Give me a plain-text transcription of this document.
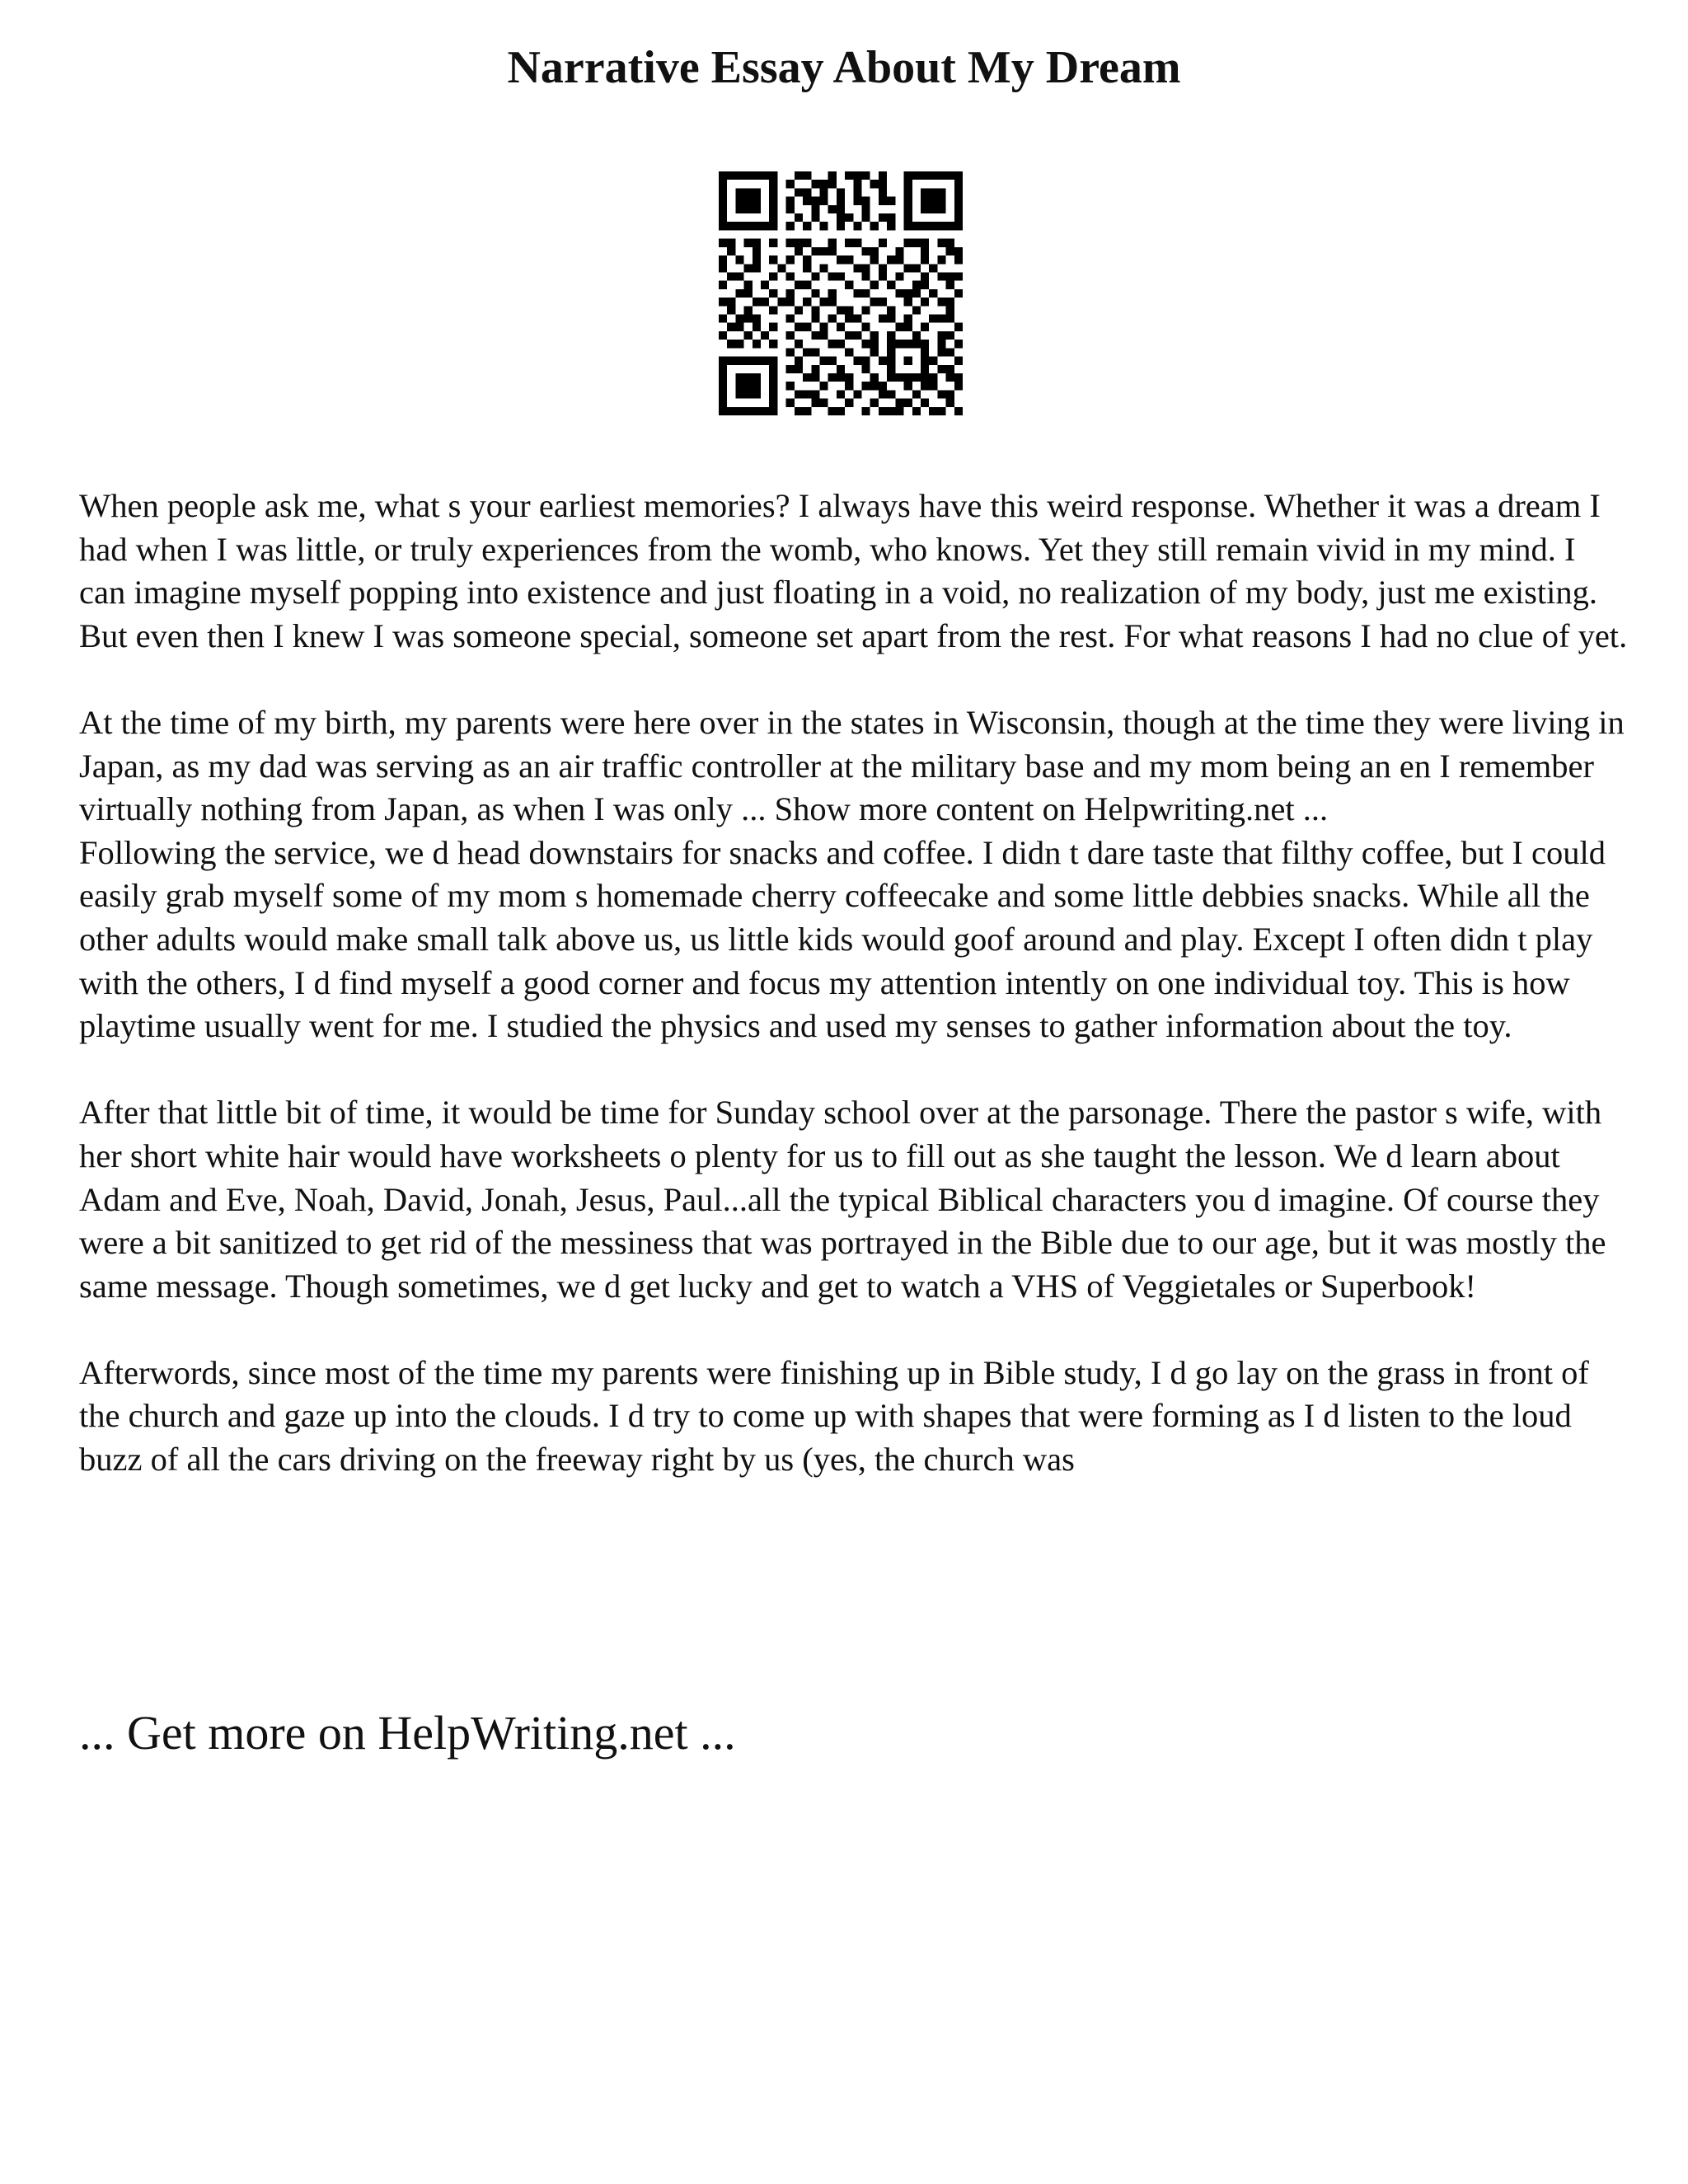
Narrative Essay About My Dream

When people ask me, what s your earliest memories? I always have this weird response. Whether it was a dream I had when I was little, or truly experiences from the womb, who knows. Yet they still remain vivid in my mind. I can imagine myself popping into existence and just floating in a void, no realization of my body, just me existing. But even then I knew I was someone special, someone set apart from the rest. For what reasons I had no clue of yet.

At the time of my birth, my parents were here over in the states in Wisconsin, though at the time they were living in Japan, as my dad was serving as an air traffic controller at the military base and my mom being an en I remember virtually nothing from Japan, as when I was only ... Show more content on Helpwriting.net ...

Following the service, we d head downstairs for snacks and coffee. I didn t dare taste that filthy coffee, but I could easily grab myself some of my mom s homemade cherry coffeecake and some little debbies snacks. While all the other adults would make small talk above us, us little kids would goof around and play. Except I often didn t play with the others, I d find myself a good corner and focus my attention intently on one individual toy. This is how playtime usually went for me. I studied the physics and used my senses to gather information about the toy.

After that little bit of time, it would be time for Sunday school over at the parsonage. There the pastor s wife, with her short white hair would have worksheets o plenty for us to fill out as she taught the lesson. We d learn about Adam and Eve, Noah, David, Jonah, Jesus, Paul...all the typical Biblical characters you d imagine. Of course they were a bit sanitized to get rid of the messiness that was portrayed in the Bible due to our age, but it was mostly the same message. Though sometimes, we d get lucky and get to watch a VHS of Veggietales or Superbook!

Afterwords, since most of the time my parents were finishing up in Bible study, I d go lay on the grass in front of the church and gaze up into the clouds. I d try to come up with shapes that were forming as I d listen to the loud buzz of all the cars driving on the freeway right by us (yes, the church was

... Get more on HelpWriting.net ...
